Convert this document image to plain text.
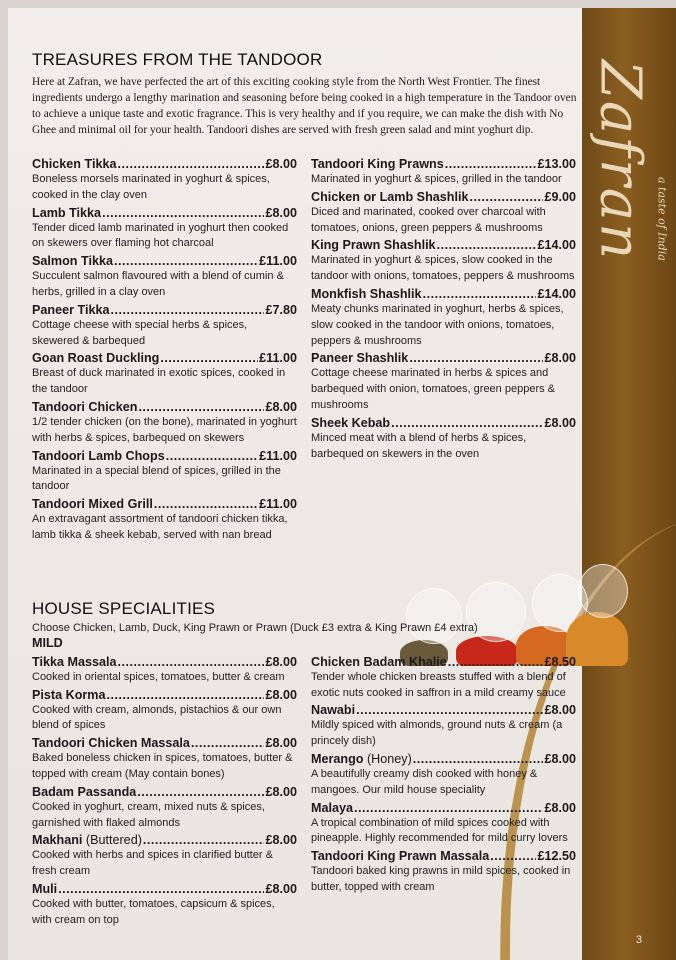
Zafran a taste of India
TREASURES FROM THE TANDOOR

Here at Zafran, we have perfected the art of this exciting cooking style from the North West Frontier. The finest ingredients undergo a lengthy marination and seasoning before being cooked in a high temperature in the Tandoor oven to achieve a unique taste and exotic fragrance. This is very healthy and if you require, we can make the dish with No Ghee and minimal oil for your health. Tandoori dishes are served with fresh green salad and mint yoghurt dip.

Chicken Tikka .....	£8.00
Boneless morsels marinated in yoghurt & spices, cooked in the clay oven
Lamb Tikka .....	£8.00
Tender diced lamb marinated in yoghurt then cooked on skewers over flaming hot charcoal
Salmon Tikka .....	£11.00
Succulent salmon flavoured with a blend of cumin & herbs, grilled in a clay oven
Paneer Tikka .....	£7.80
Cottage cheese with special herbs & spices, skewered & barbequed
Goan Roast Duckling .....	£11.00
Breast of duck marinated in exotic spices, cooked in the tandoor
Tandoori Chicken .....	£8.00
1/2 tender chicken (on the bone), marinated in yoghurt with herbs & spices, barbequed on skewers
Tandoori Lamb Chops .....	£11.00
Marinated in a special blend of spices, grilled in the tandoor
Tandoori Mixed Grill .....	£11.00
An extravagant assortment of tandoori chicken tikka, lamb tikka & sheek kebab, served with nan bread
Tandoori King Prawns .....	£13.00
Marinated in yoghurt & spices, grilled in the tandoor
Chicken or Lamb Shashlik .....	£9.00
Diced and marinated, cooked over charcoal with tomatoes, onions, green peppers & mushrooms
King Prawn Shashlik .....	£14.00
Marinated in yoghurt & spices, slow cooked in the tandoor with onions, tomatoes, peppers & mushrooms
Monkfish Shashlik .....	£14.00
Meaty chunks marinated in yoghurt, herbs & spices, slow cooked in the tandoor with onions, tomatoes, peppers & mushrooms
Paneer Shashlik .....	£8.00
Cottage cheese marinated in herbs & spices and barbequed with onion, tomatoes, green peppers & mushrooms
Sheek Kebab .....	£8.00
Minced meat with a blend of herbs & spices, barbequed on skewers in the oven
HOUSE SPECIALITIES

Choose Chicken, Lamb, Duck, King Prawn or Prawn (Duck £3 extra & King Prawn £4 extra)

MILD

Tikka Massala .....	£8.00
Cooked in oriental spices, tomatoes, butter & cream
Pista Korma .....	£8.00
Cooked with cream, almonds, pistachios & our own blend of spices
Tandoori Chicken Massala .....	£8.00
Baked boneless chicken in spices, tomatoes, butter & topped with cream (May contain bones)
Badam Passanda .....	£8.00
Cooked in yoghurt, cream, mixed nuts & spices, garnished with flaked almonds
Makhani (Buttered) .....	£8.00
Cooked with herbs and spices in clarified butter & fresh cream
Muli .....	£8.00
Cooked with butter, tomatoes, capsicum & spices, with cream on top
Chicken Badam Khalie .....	£8.50
Tender whole chicken breasts stuffed with a blend of exotic nuts cooked in saffron in a mild creamy sauce
Nawabi .....	£8.00
Mildly spiced with almonds, ground nuts & cream (a princely dish)
Merango (Honey) .....	£8.00
A beautifully creamy dish cooked with honey & mangoes. Our mild house speciality
Malaya .....	£8.00
A tropical combination of mild spices cooked with pineapple. Highly recommended for mild curry lovers
Tandoori King Prawn Massala .....	£12.50
Tandoori baked king prawns in mild spices, cooked in butter, topped with cream
3
